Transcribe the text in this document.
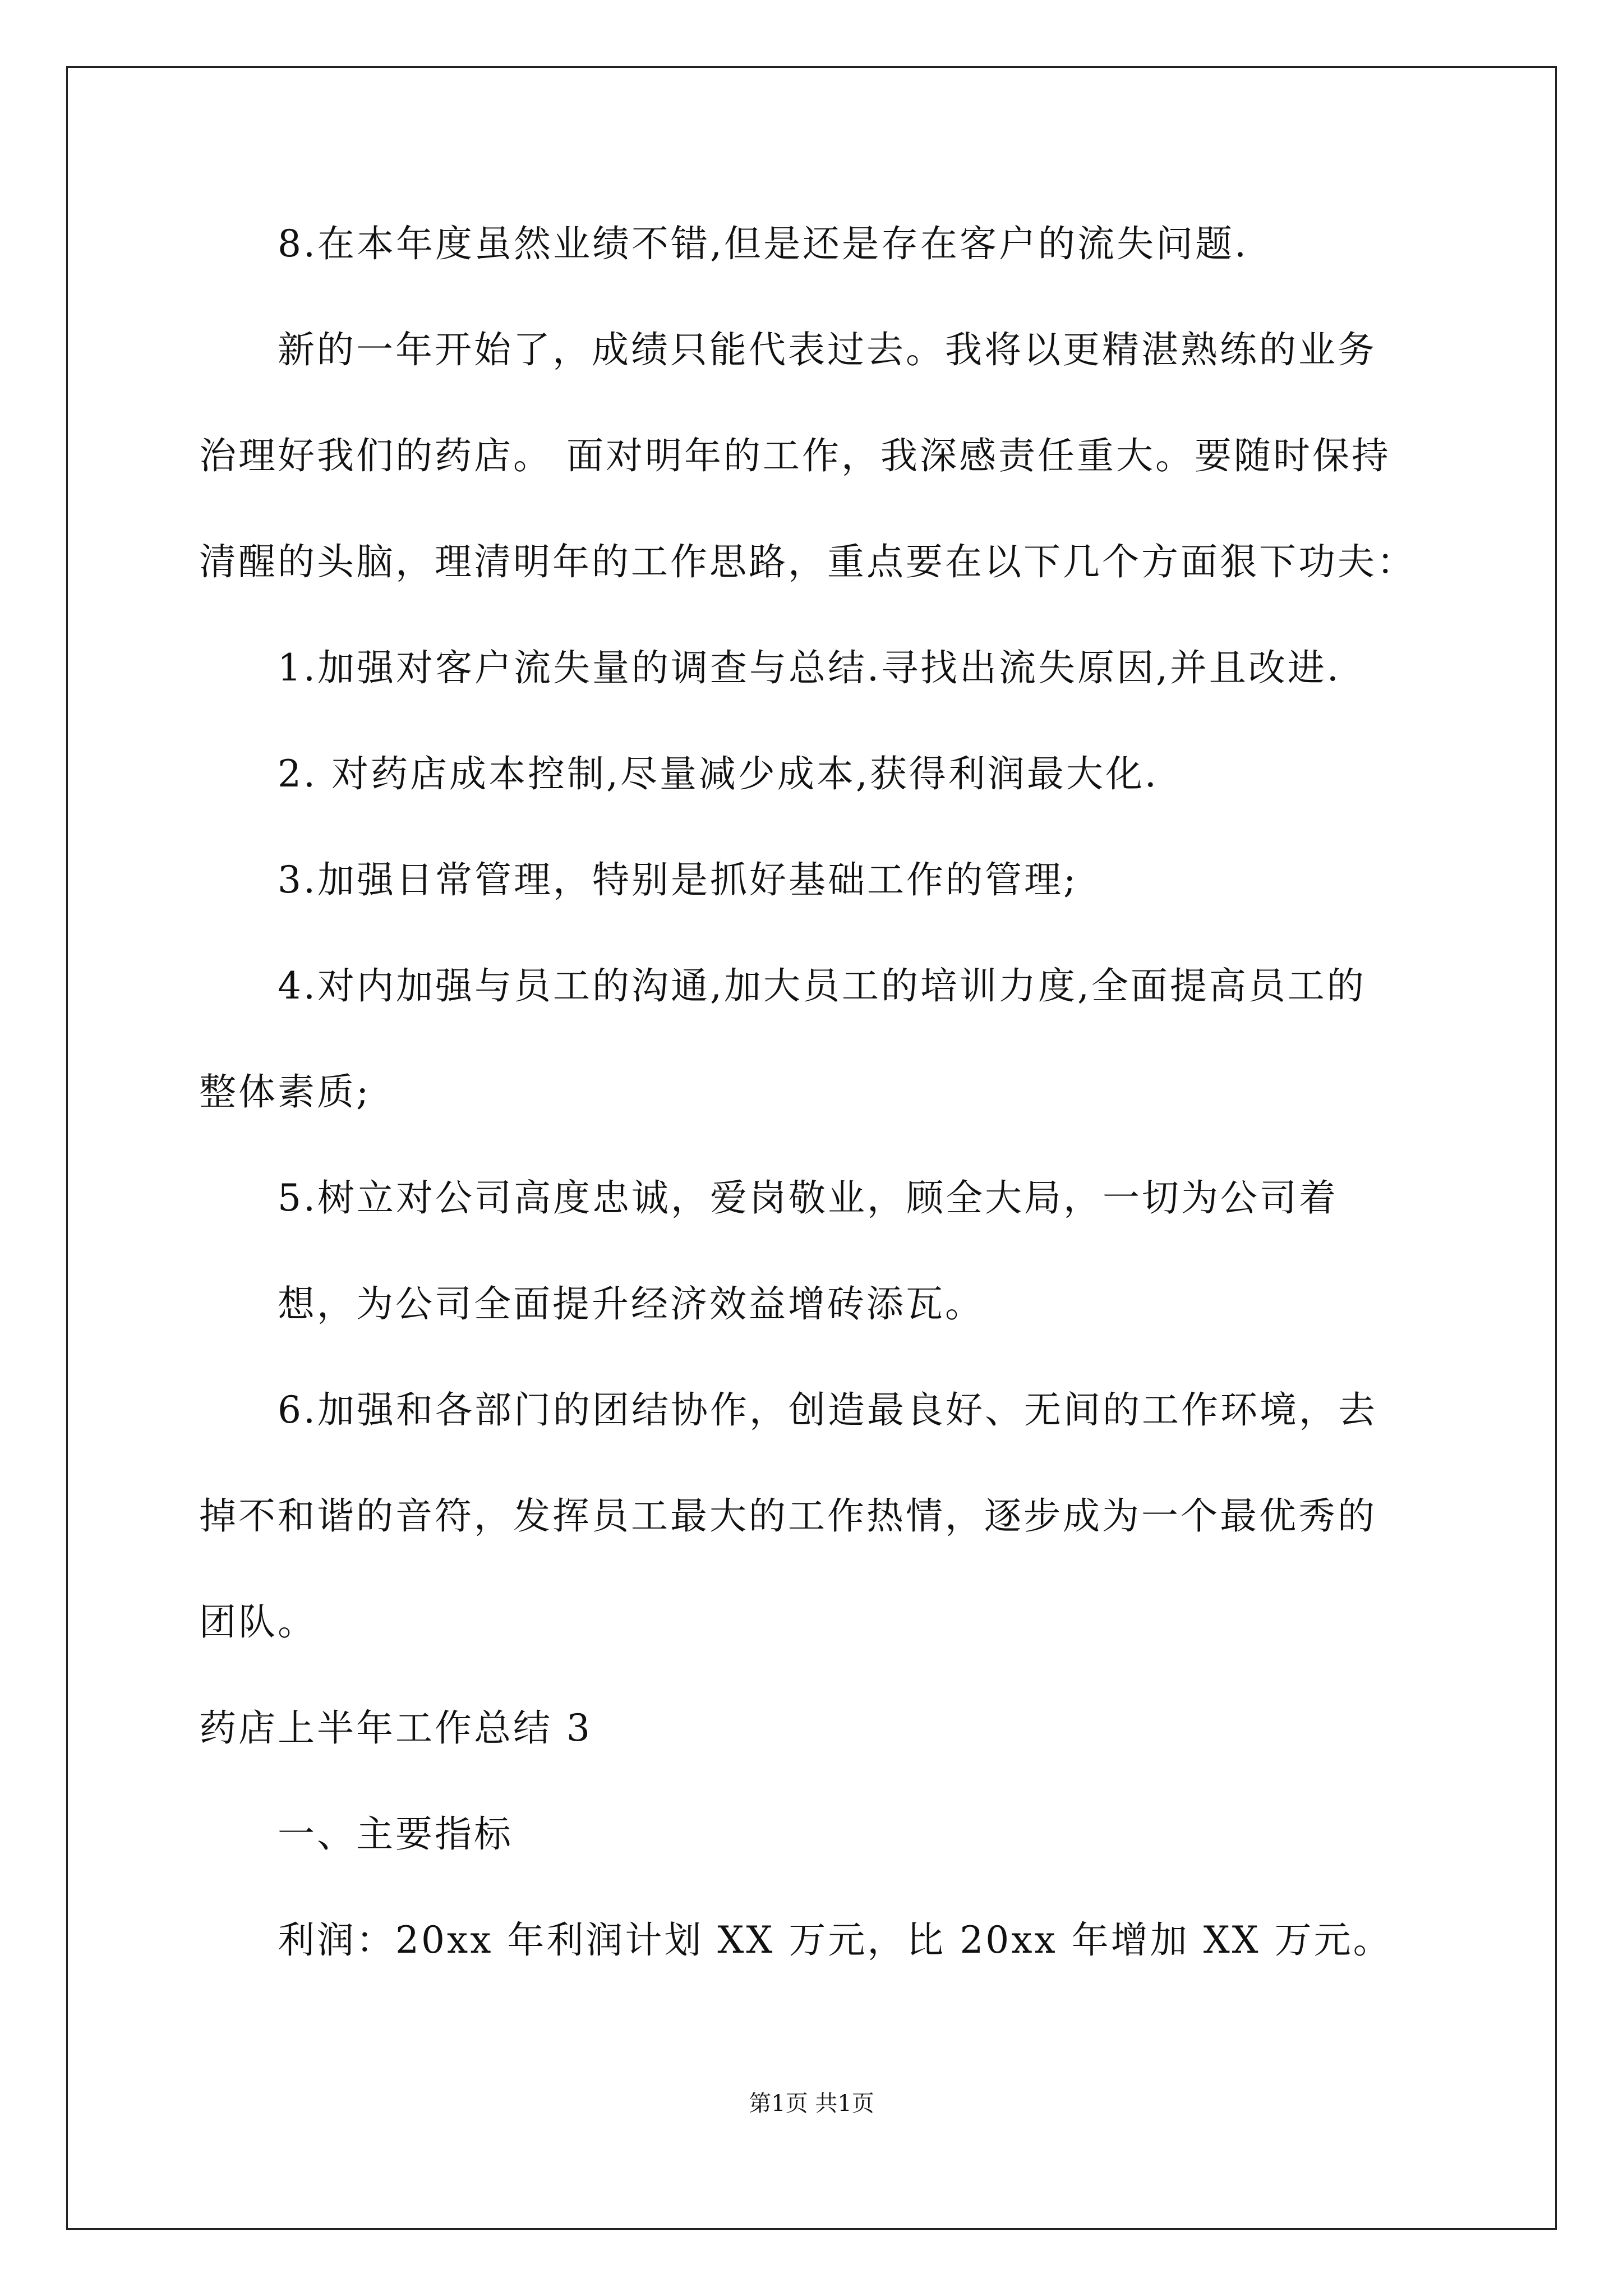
8.在本年度虽然业绩不错,但是还是存在客户的流失问题.
新的一年开始了，成绩只能代表过去。我将以更精湛熟练的业务
治理好我们的药店。 面对明年的工作，我深感责任重大。要随时保持
清醒的头脑，理清明年的工作思路，重点要在以下几个方面狠下功夫：
1.加强对客户流失量的调查与总结.寻找出流失原因,并且改进.
2. 对药店成本控制,尽量减少成本,获得利润最大化.
3.加强日常管理，特别是抓好基础工作的管理;
4.对内加强与员工的沟通,加大员工的培训力度,全面提高员工的
整体素质;
5.树立对公司高度忠诚，爱岗敬业，顾全大局，一切为公司着
想，为公司全面提升经济效益增砖添瓦。
6.加强和各部门的团结协作，创造最良好、无间的工作环境，去
掉不和谐的音符，发挥员工最大的工作热情，逐步成为一个最优秀的
团队。
药店上半年工作总结 3
一、主要指标
利润：20xx 年利润计划 XX 万元，比 20xx 年增加 XX 万元。
第1页 共1页
